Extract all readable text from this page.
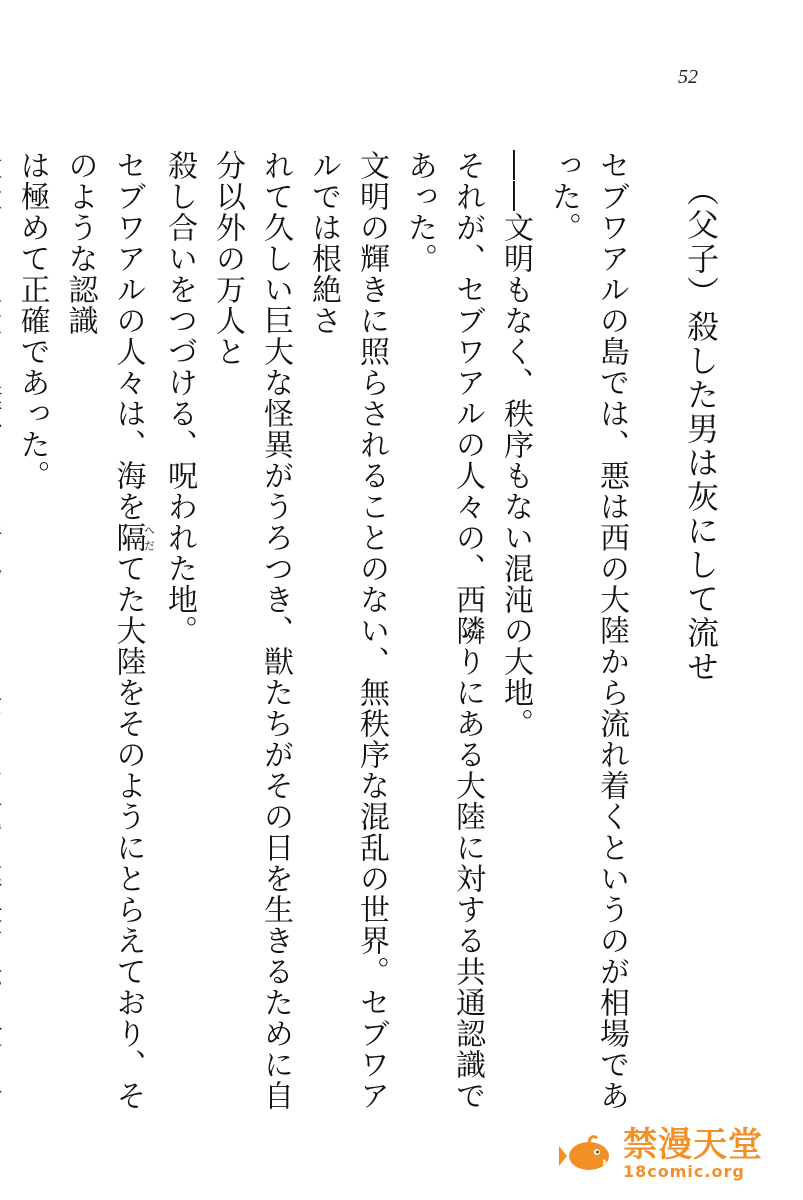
52
（父子）殺した男は灰にして流せ
セブワアルの島では、悪は西の大陸から流れ着くというのが相場であった。
――文明もなく、秩序もない混沌の大地。
それが、セブワアルの人々の、西隣りにある大陸に対する共通認識であった。
文明の輝きに照らされることのない、無秩序な混乱の世界。セブワアルでは根絶さ
れて久しい巨大な怪異がうろつき、獣たちがその日を生きるために自分以外の万人と
殺し合いをつづける、呪われた地。
セブワアルの人々は、海を隔へだてた大陸をそのようにとらえており、そのような認識
は極めて正確であった。
禁漫天堂
18comic.org
